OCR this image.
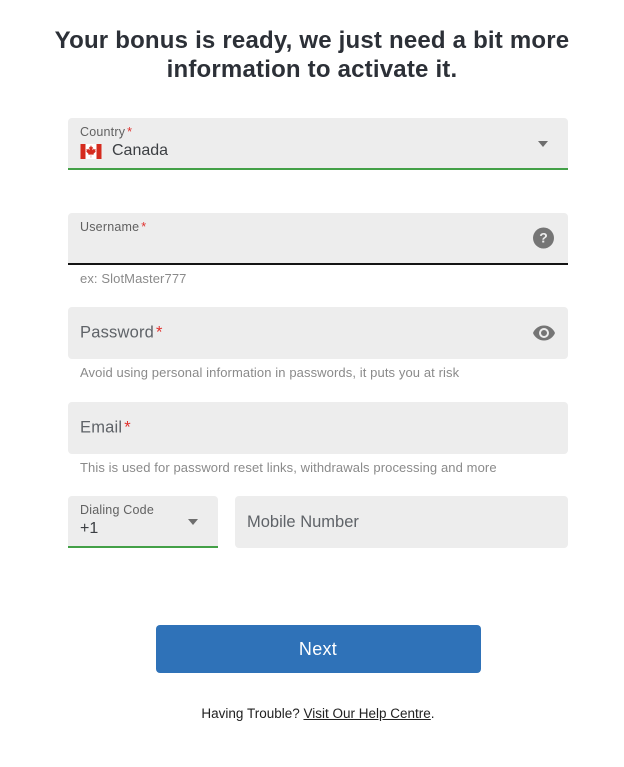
Your bonus is ready, we just need a bit more information to activate it.
Country *
Canada
Username *
?
ex: SlotMaster777
Password *
Avoid using personal information in passwords, it puts you at risk
Email *
This is used for password reset links, withdrawals processing and more
Dialing Code
+1
Mobile Number
Next
Having Trouble? Visit Our Help Centre.
